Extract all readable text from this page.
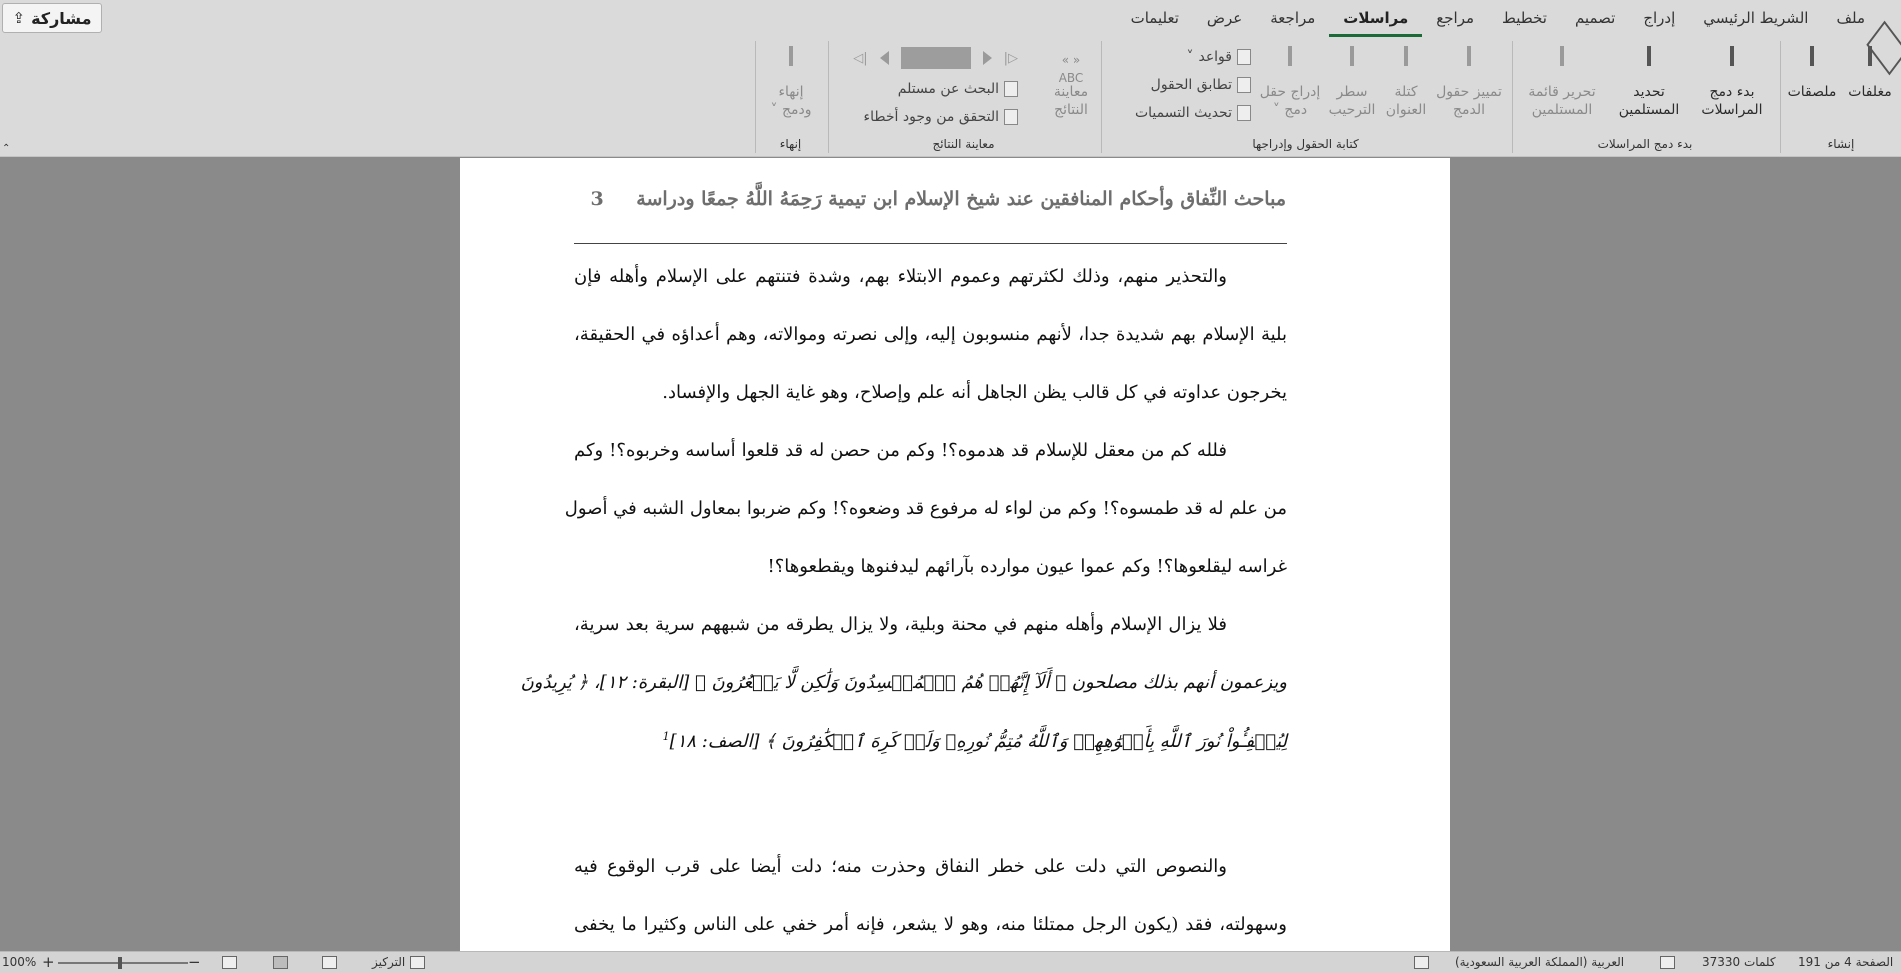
ملف
الشريط الرئيسي
إدراج
تصميم
تخطيط
مراجع
مراسلات
مراجعة
عرض
تعليمات
مشاركة
⇪
مغلفات
ملصقات
إنشاء
بدء دمج
المراسلات
تحديد
المستلمين
تحرير قائمة
المستلمين
بدء دمج المراسلات
تمييز حقول
الدمج
كتلة
العنوان
سطر
الترحيب
إدراج حقل
دمج ˅
قواعد
˅
تطابق الحقول
تحديث التسميات
كتابة الحقول وإدراجها
« »
ABC
معاينة
النتائج
▷|
|◁
البحث عن مستلم
التحقق من وجود أخطاء
معاينة النتائج
إنهاء
ودمج ˅
إنهاء
⌃
مباحث النِّفاق وأحكام المنافقين عند شيخ الإسلام ابن تيمية رَحِمَهُ اللَّهُ جمعًا ودراسة 3
والتحذير منهم، وذلك لكثرتهم وعموم الابتلاء بهم، وشدة فتنتهم على الإسلام وأهله فإن
بلية الإسلام بهم شديدة جدا، لأنهم منسوبون إليه، وإلى نصرته وموالاته، وهم أعداؤه في الحقيقة،
يخرجون عداوته في كل قالب يظن الجاهل أنه علم وإصلاح، وهو غاية الجهل والإفساد.
فلله كم من معقل للإسلام قد هدموه؟! وكم من حصن له قد قلعوا أساسه وخربوه؟! وكم
من علم له قد طمسوه؟! وكم من لواء له مرفوع قد وضعوه؟! وكم ضربوا بمعاول الشبه في أصول
غراسه ليقلعوها؟! وكم عموا عيون موارده بآرائهم ليدفنوها ويقطعوها؟!
فلا يزال الإسلام وأهله منهم في محنة وبلية، ولا يزال يطرقه من شبههم سرية بعد سرية،
ويزعمون أنهم بذلك مصلحون ﴿ أَلَآ إِنَّهُمۡ هُمُ ٱلۡمُفۡسِدُونَ وَلَٰكِن لَّا يَشۡعُرُونَ ﴾ [البقرة: ١٢]، ﴿ يُرِيدُونَ
لِيُطۡفِـُٔواْ نُورَ ٱللَّهِ بِأَفۡوَٰهِهِمۡ وَٱللَّهُ مُتِمُّ نُورِهِۦ وَلَوۡ كَرِهَ ٱلۡكَٰفِرُونَ ﴾ [الصف: ١٨]$^1$
والنصوص التي دلت على خطر النفاق وحذرت منه؛ دلت أيضا على قرب الوقوع فيه
وسهولته، فقد (يكون الرجل ممتلئا منه، وهو لا يشعر، فإنه أمر خفي على الناس وكثيرا ما يخفى
100% +	−	التركيز	العربية (المملكة العربية السعودية)	37330 كلمات الصفحة 4 من 191
